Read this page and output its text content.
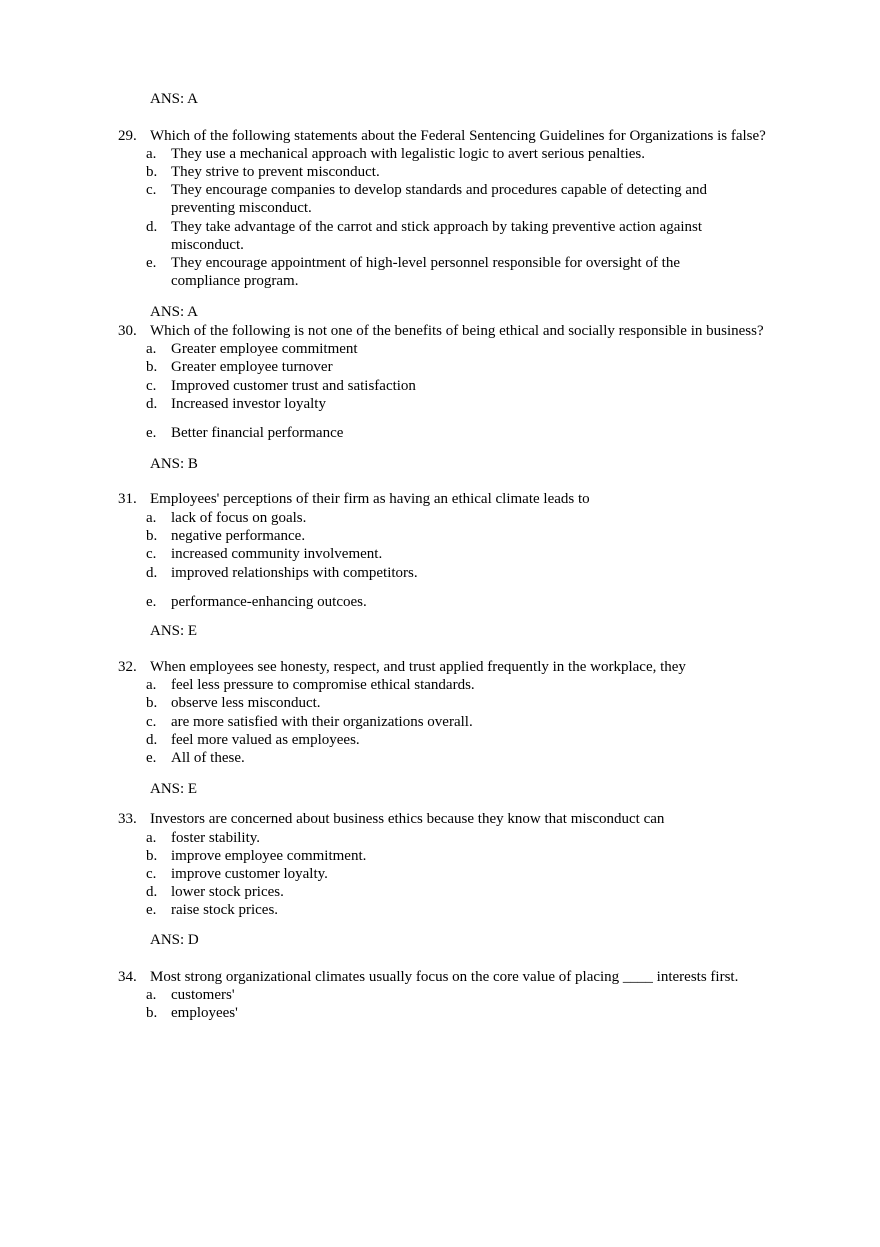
ANS: A
29. Which of the following statements about the Federal Sentencing Guidelines for Organizations is false?
a. They use a mechanical approach with legalistic logic to avert serious penalties.
b. They strive to prevent misconduct.
c. They encourage companies to develop standards and procedures capable of detecting and
preventing misconduct.
d. They take advantage of the carrot and stick approach by taking preventive action against
misconduct.
e. They encourage appointment of high-level personnel responsible for oversight of the
compliance program.
ANS: A
30. Which of the following is not one of the benefits of being ethical and socially responsible in business?
a. Greater employee commitment
b. Greater employee turnover
c. Improved customer trust and satisfaction
d. Increased investor loyalty
e. Better financial performance
ANS: B
31. Employees' perceptions of their firm as having an ethical climate leads to
a. lack of focus on goals.
b. negative performance.
c. increased community involvement.
d. improved relationships with competitors.
e. performance-enhancing outcoes.
ANS: E
32. When employees see honesty, respect, and trust applied frequently in the workplace, they
a. feel less pressure to compromise ethical standards.
b. observe less misconduct.
c. are more satisfied with their organizations overall.
d. feel more valued as employees.
e. All of these.
ANS: E
33. Investors are concerned about business ethics because they know that misconduct can
a. foster stability.
b. improve employee commitment.
c. improve customer loyalty.
d. lower stock prices.
e. raise stock prices.
ANS: D
34. Most strong organizational climates usually focus on the core value of placing ____ interests first.
a. customers'
b. employees'
